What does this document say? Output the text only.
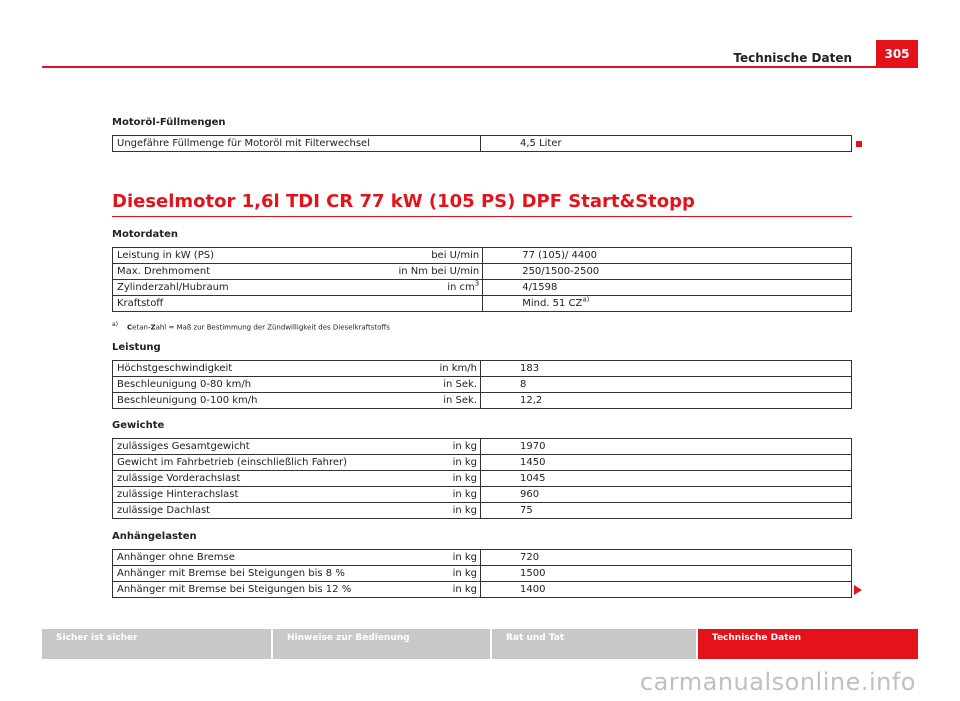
Technische Daten	305
Motoröl-Füllmengen
Ungefähre Füllmenge für Motoröl mit Filterwechsel	4,5 Liter
Dieselmotor 1,6l TDI CR 77 kW (105 PS) DPF Start&Stopp
Motordaten
Leistung in kW (PS)	bei U/min	77 (105)/ 4400
Max. Drehmoment	in Nm bei U/min	250/1500-2500
Zylinderzahl/Hubraum	in $cm^3$	4/1598
Kraftstoff		Mind. 51 CZ$^{a)}$
a) Cetan-Zahl = Maß zur Bestimmung der Zündwilligkeit des Dieselkraftstoffs
Leistung
Höchstgeschwindigkeit	in km/h	183
Beschleunigung 0-80 km/h	in Sek.	8
Beschleunigung 0-100 km/h	in Sek.	12,2
Gewichte
zulässiges Gesamtgewicht	in kg	1970
Gewicht im Fahrbetrieb (einschließlich Fahrer)	in kg	1450
zulässige Vorderachslast	in kg	1045
zulässige Hinterachslast	in kg	960
zulässige Dachlast	in kg	75
Anhängelasten
Anhänger ohne Bremse	in kg	720
Anhänger mit Bremse bei Steigungen bis 8 %	in kg	1500
Anhänger mit Bremse bei Steigungen bis 12 %	in kg	1400
Sicher ist sicher	Hinweise zur Bedienung	Rat und Tat	Technische Daten
carmanualsonline.info
